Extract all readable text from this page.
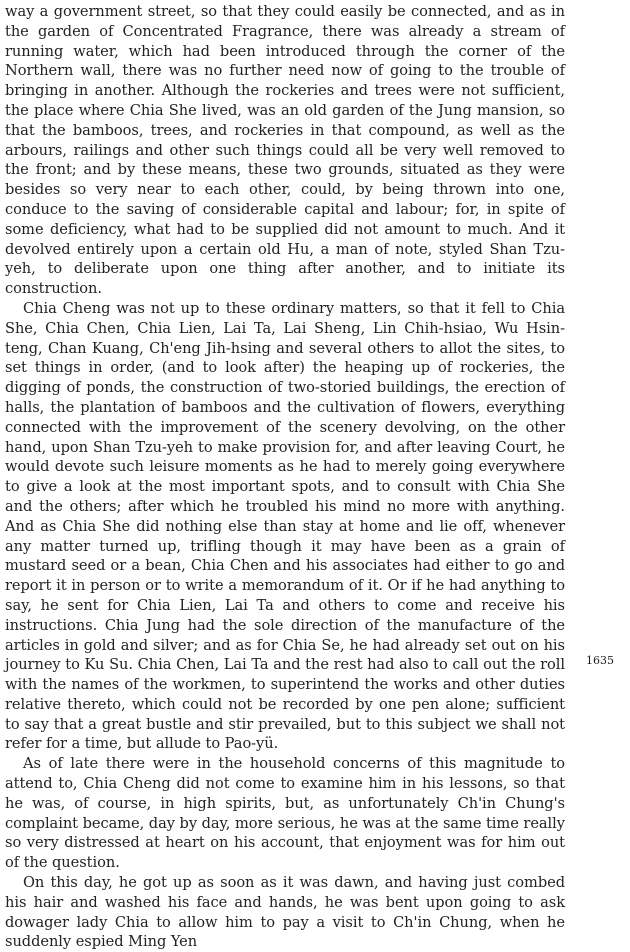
way a government street, so that they could easily be connected, and as in the garden of Concentrated Fragrance, there was already a stream of running water, which had been introduced through the corner of the Northern wall, there was no further need now of going to the trouble of bringing in another. Although the rockeries and trees were not sufficient, the place where Chia She lived, was an old garden of the Jung mansion, so that the bamboos, trees, and rockeries in that compound, as well as the arbours, railings and other such things could all be very well removed to the front; and by these means, these two grounds, situated as they were besides so very near to each other, could, by being thrown into one, conduce to the saving of considerable capital and labour; for, in spite of some deficiency, what had to be supplied did not amount to much. And it devolved entirely upon a certain old Hu, a man of note, styled Shan Tzu-yeh, to deliberate upon one thing after another, and to initiate its construction.

Chia Cheng was not up to these ordinary matters, so that it fell to Chia She, Chia Chen, Chia Lien, Lai Ta, Lai Sheng, Lin Chih-hsiao, Wu Hsin-teng, Chan Kuang, Ch'eng Jih-hsing and several others to allot the sites, to set things in order, (and to look after) the heaping up of rockeries, the digging of ponds, the construction of two-storied buildings, the erection of halls, the plantation of bamboos and the cultivation of flowers, everything connected with the improvement of the scenery devolving, on the other hand, upon Shan Tzu-yeh to make provision for, and after leaving Court, he would devote such leisure moments as he had to merely going everywhere to give a look at the most important spots, and to consult with Chia She and the others; after which he troubled his mind no more with anything. And as Chia She did nothing else than stay at home and lie off, whenever any matter turned up, trifling though it may have been as a grain of mustard seed or a bean, Chia Chen and his associates had either to go and report it in person or to write a memorandum of it. Or if he had anything to say, he sent for Chia Lien, Lai Ta and others to come and receive his instructions. Chia Jung had the sole direction of the manufacture of the articles in gold and silver; and as for Chia Se, he had already set out on his journey to Ku Su. Chia Chen, Lai Ta and the rest had also to call out the roll with the names of the workmen, to superintend the works and other duties relative thereto, which could not be recorded by one pen alone; sufficient to say that a great bustle and stir prevailed, but to this subject we shall not refer for a time, but allude to Pao-yü.

As of late there were in the household concerns of this magnitude to attend to, Chia Cheng did not come to examine him in his lessons, so that he was, of course, in high spirits, but, as unfortunately Ch'in Chung's complaint became, day by day, more serious, he was at the same time really so very distressed at heart on his account, that enjoyment was for him out of the question.

On this day, he got up as soon as it was dawn, and having just combed his hair and washed his face and hands, he was bent upon going to ask dowager lady Chia to allow him to pay a visit to Ch'in Chung, when he suddenly espied Ming Yen

1635
